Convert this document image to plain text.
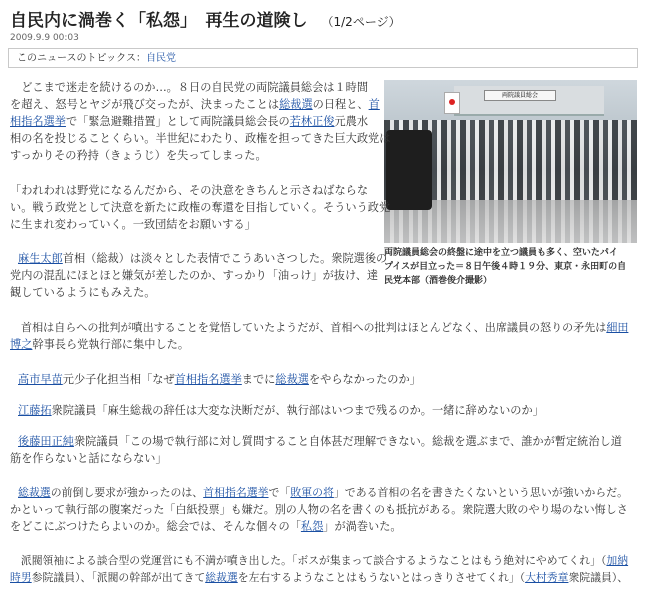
自民内に渦巻く「私怨」　再生の道険し （1/2ページ）
2009.9.9 00:03
このニュースのトピックス：自民党
両院議員総会
両院議員総会の終盤に途中を立つ議員も多く、空いたパイ
プイスが目立った＝８日午後４時１９分、東京・永田町の自
民党本部（酒巻俊介撮影）
　どこまで迷走を続けるのか…。８日の自民党の両院議員総会は１時間
を超え、怒号とヤジが飛び交ったが、決まったことは総裁選の日程と、首
相指名選挙で「緊急避難措置」として両院議員総会長の若林正俊元農水
相の名を投じることくらい。半世紀にわたり、政権を担ってきた巨大政党は
すっかりその矜持（きょうじ）を失ってしまった。
「われわれは野党になるんだから、その決意をきちんと示さねばならな
い。戦う政党として決意を新たに政権の奪還を目指していく。そういう政党
に生まれ変わっていく。一致団結をお願いする」
麻生太郎首相（総裁）は淡々とした表情でこうあいさつした。衆院選後の
党内の混乱にほとほと嫌気が差したのか、すっかり「油っけ」が抜け、達
観しているようにもみえた。
　首相は自らへの批判が噴出することを覚悟していたようだが、首相への批判はほとんどなく、出席議員の怒りの矛先は細田
博之幹事長ら党執行部に集中した。
高市早苗元少子化担当相「なぜ首相指名選挙までに総裁選をやらなかったのか」
江藤拓衆院議員「麻生総裁の辞任は大変な決断だが、執行部はいつまで残るのか。一緒に辞めないのか」
後藤田正純衆院議員「この場で執行部に対し質問すること自体甚だ理解できない。総裁を選ぶまで、誰かが暫定統治し道
筋を作らないと話にならない」
総裁選の前倒し要求が強かったのは、首相指名選挙で「敗軍の将」である首相の名を書きたくないという思いが強いからだ。
かといって執行部の腹案だった「白紙投票」も嫌だ。別の人物の名を書くのも抵抗がある。衆院選大敗のやり場のない悔しさ
をどこにぶつけたらよいのか。総会では、そんな個々の「私怨」が渦巻いた。
　派閥領袖による談合型の党運営にも不満が噴き出した。「ボスが集まって談合するようなことはもう絶対にやめてくれ」（加納
時男参院議員）、「派閥の幹部が出てきて総裁選を左右するようなことはもうないとはっきりさせてくれ」（大村秀章衆院議員）、
